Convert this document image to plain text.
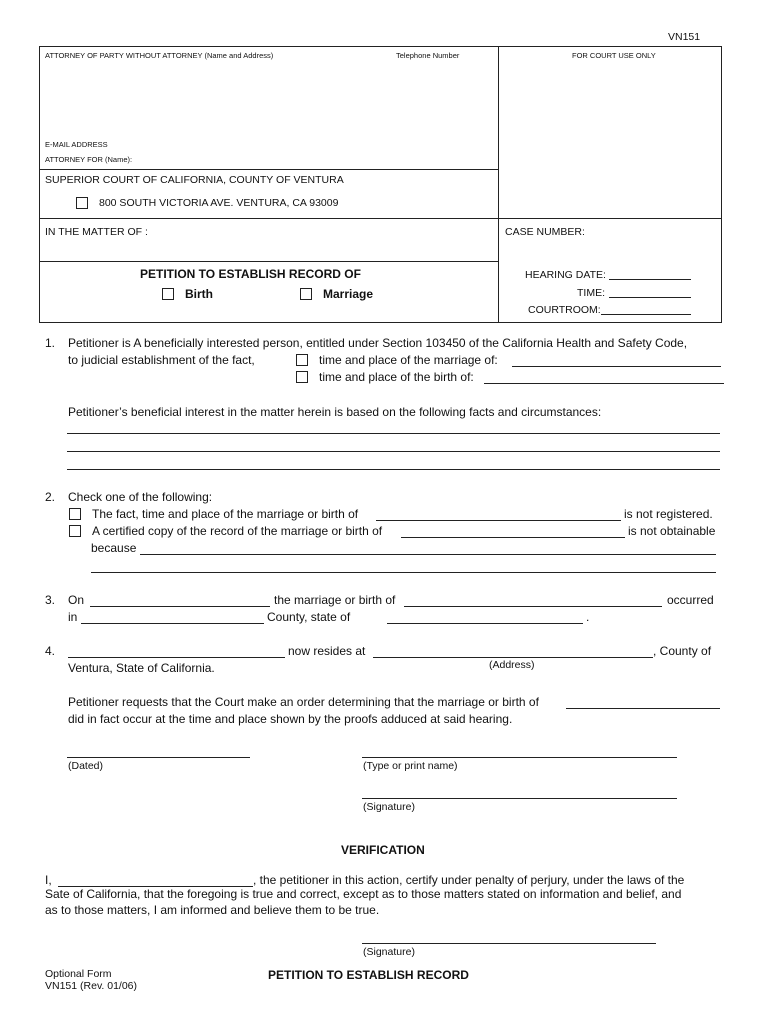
VN151
ATTORNEY OF PARTY WITHOUT ATTORNEY (Name and Address)	Telephone Number	FOR COURT USE ONLY
E-MAIL ADDRESS
ATTORNEY FOR (Name):
SUPERIOR COURT OF CALIFORNIA, COUNTY OF VENTURA
800 SOUTH VICTORIA AVE. VENTURA, CA 93009
IN THE MATTER OF :	CASE NUMBER:
PETITION TO ESTABLISH RECORD OF
Birth	Marriage
HEARING DATE:
TIME:
COURTROOM:
1. Petitioner is A beneficially interested person, entitled under Section 103450 of the California Health and Safety Code,
to judicial establishment of the fact,	time and place of the marriage of:
time and place of the birth of:
Petitioner’s beneficial interest in the matter herein is based on the following facts and circumstances:
2. Check one of the following:
The fact, time and place of the marriage or birth of	is not registered.
A certified copy of the record of the marriage or birth of	is not obtainable
because
3. On	the marriage or birth of	occurred
in	County, state of	.
4.	now resides at	, County of
Ventura, State of California.	(Address)
Petitioner requests that the Court make an order determining that the marriage or birth of
did in fact occur at the time and place shown by the proofs adduced at said hearing.
(Dated)	(Type or print name)
(Signature)
VERIFICATION
I,	, the petitioner in this action, certify under penalty of perjury, under the laws of the
Sate of California, that the foregoing is true and correct, except as to those matters stated on information and belief, and
as to those matters, I am informed and believe them to be true.
(Signature)
Optional Form
VN151 (Rev. 01/06)
PETITION TO ESTABLISH RECORD
